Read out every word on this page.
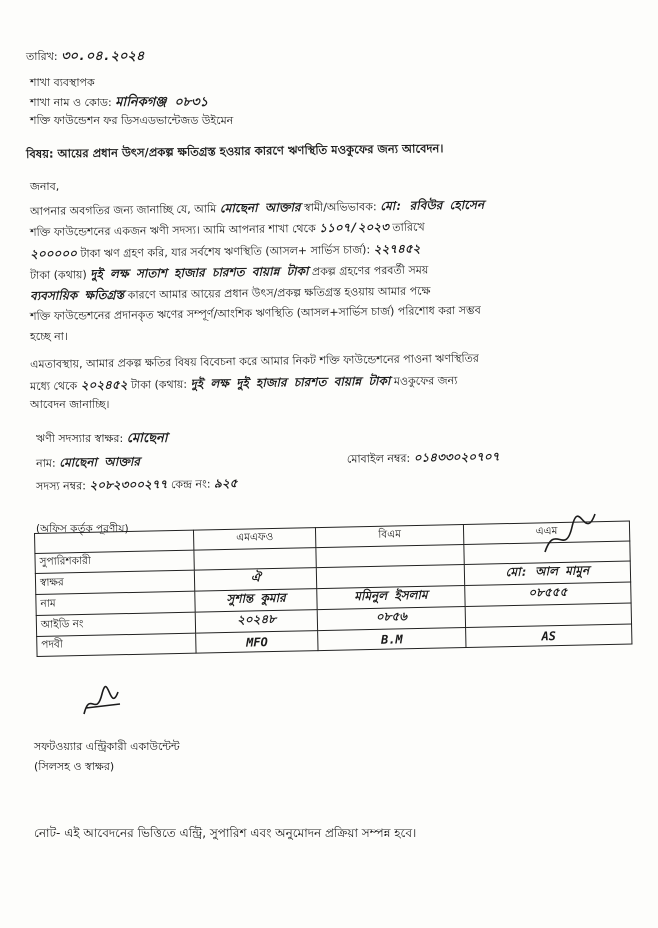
তারিখ: ৩০.০৪.২০২৪
শাখা ব্যবস্থাপক
শাখা নাম ও কোড: মানিকগঞ্জ ০৮৩১
শক্তি ফাউন্ডেশন ফর ডিসএডভান্টেজড উইমেন
বিষয়: আয়ের প্রধান উৎস/প্রকল্প ক্ষতিগ্রস্ত হওয়ার কারণে ঋণস্থিতি মওকুফের জন্য আবেদন।
জনাব,
আপনার অবগতির জন্য জানাচ্ছি যে, আমি মোছেনা আক্তার স্বামী/অভিভাবক: মো: রবিউর হোসেন
শক্তি ফাউন্ডেশনের একজন ঋণী সদস্য। আমি আপনার শাখা থেকে ১১০৭/২০২৩ তারিখে
২০০০০০ টাকা ঋণ গ্রহণ করি, যার সর্বশেষ ঋণস্থিতি (আসল+ সার্ভিস চার্জ): ২২৭৪৫২
টাকা (কথায়) দুই লক্ষ সাতাশ হাজার চারশত বায়ান্ন টাকা প্রকল্প গ্রহণের পরবর্তী সময়
ব্যবসায়িক ক্ষতিগ্রস্ত কারণে আমার আয়ের প্রধান উৎস/প্রকল্প ক্ষতিগ্রস্ত হওয়ায় আমার পক্ষে
শক্তি ফাউন্ডেশনের প্রদানকৃত ঋণের সম্পূর্ণ/আংশিক ঋণস্থিতি (আসল+সার্ভিস চার্জ) পরিশোধ করা সম্ভব
হচ্ছে না।
এমতাবস্থায়, আমার প্রকল্প ক্ষতির বিষয় বিবেচনা করে আমার নিকট শক্তি ফাউন্ডেশনের পাওনা ঋণস্থিতির
মধ্যে থেকে ২০২৪৫২ টাকা (কথায়: দুই লক্ষ দুই হাজার চারশত বায়ান্ন টাকা মওকুফের জন্য
আবেদন জানাচ্ছি।
ঋণী সদস্যার স্বাক্ষর: মোছেনা
নাম: মোছেনা আক্তার	মোবাইল নম্বর: ০১৪৩৩০২০৭০৭
সদস্য নম্বর: ২০৮২৩০০২৭৭ কেন্দ্র নং: ৯২৫
(অফিস কর্তৃক পূরণীয়)
	এমএফও	বিএম	এএম
সুপারিশকারী			
স্বাক্ষর	ঐ		মো: আল মামুন
নাম	সুশান্ত কুমার	মমিনুল ইসলাম	০৮৫৫৫
আইডি নং	২০২৪৮	০৮৫৬	
পদবী	MFO	B.M	AS
সফটওয়্যার এন্ট্রিকারী একাউন্টেন্ট
(সিলসহ ও স্বাক্ষর)
নোট- এই আবেদনের ভিত্তিতে এন্ট্রি, সুপারিশ এবং অনুমোদন প্রক্রিয়া সম্পন্ন হবে।
